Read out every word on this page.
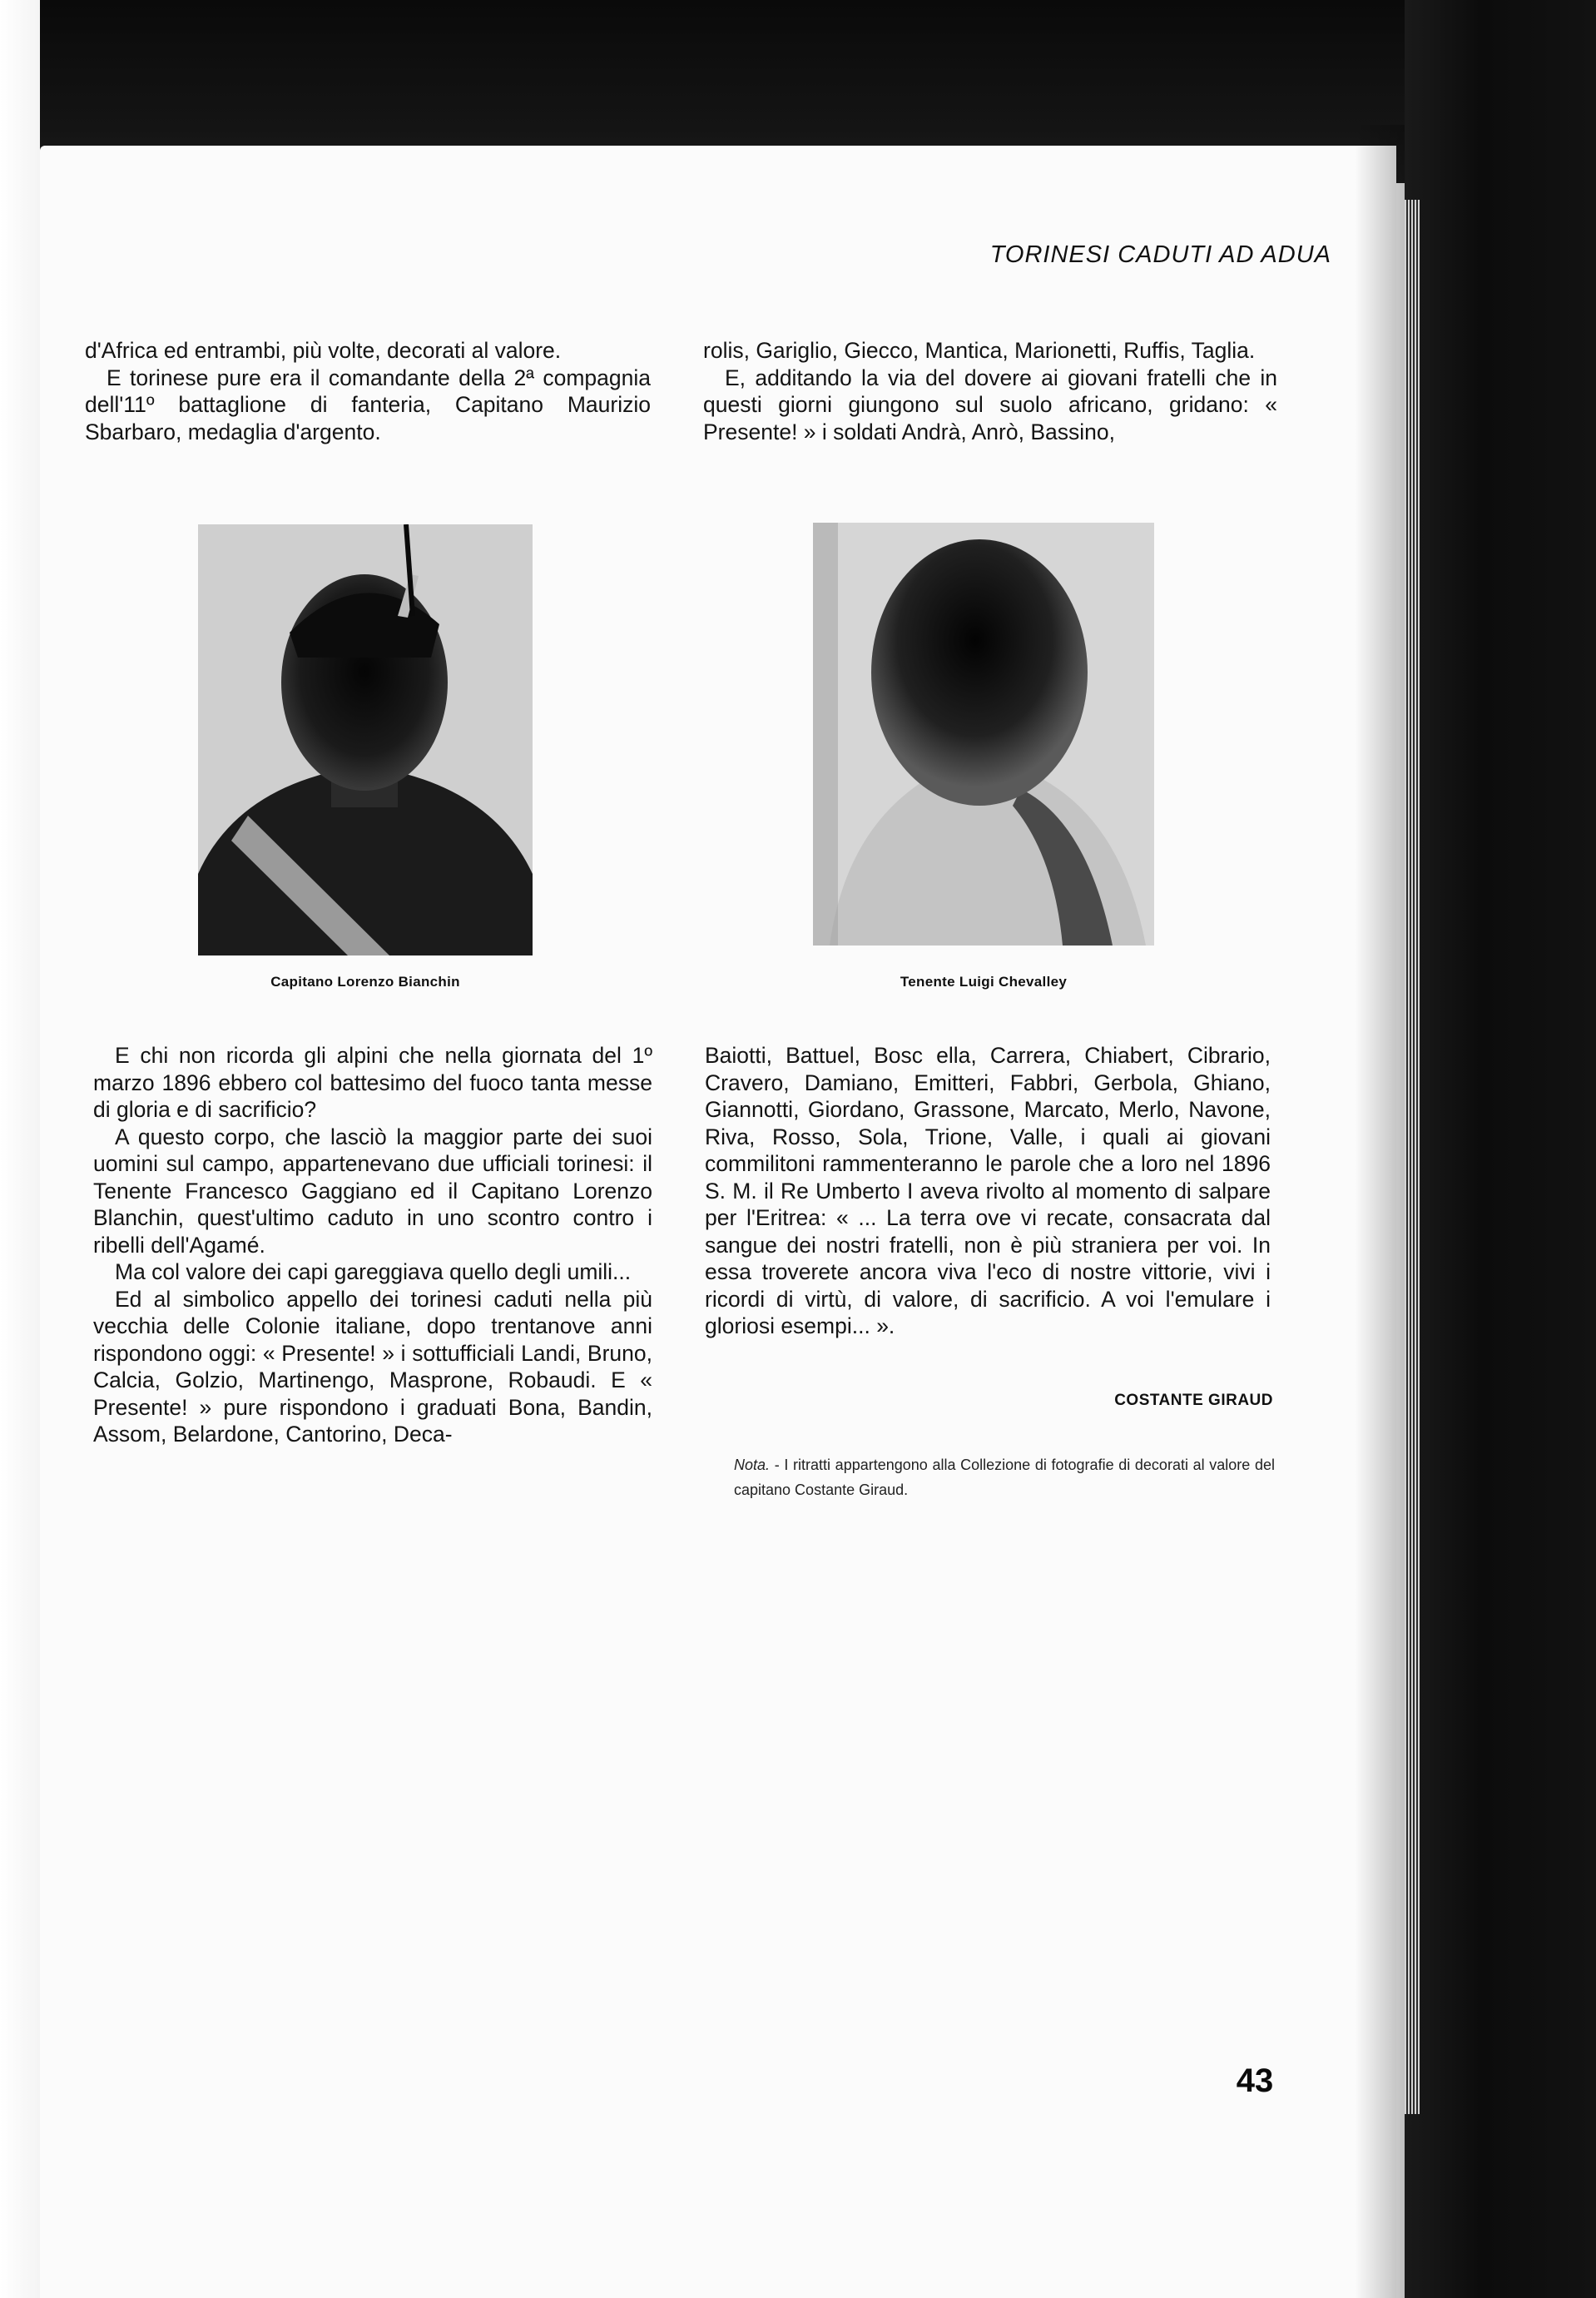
TORINESI CADUTI AD ADUA

d'Africa ed entrambi, più volte, decorati al valore.

E torinese pure era il comandante della 2ª compagnia dell'11º battaglione di fanteria, Capitano Maurizio Sbarbaro, medaglia d'argento.

rolis, Gariglio, Giecco, Mantica, Marionetti, Ruffis, Taglia.

E, additando la via del dovere ai giovani fratelli che in questi giorni giungono sul suolo africano, gridano: « Presente! » i soldati Andrà, Anrò, Bassino,

Capitano Lorenzo Bianchin	Tenente Luigi Chevalley

E chi non ricorda gli alpini che nella giornata del 1º marzo 1896 ebbero col battesimo del fuoco tanta messe di gloria e di sacrificio?

A questo corpo, che lasciò la maggior parte dei suoi uomini sul campo, appartenevano due ufficiali torinesi: il Tenente Francesco Gaggiano ed il Capitano Lorenzo Blanchin, quest'ultimo caduto in uno scontro contro i ribelli dell'Agamé.

Ma col valore dei capi gareggiava quello degli umili...

Ed al simbolico appello dei torinesi caduti nella più vecchia delle Colonie italiane, dopo trentanove anni rispondono oggi: « Presente! » i sottufficiali Landi, Bruno, Calcia, Golzio, Martinengo, Masprone, Robaudi. E « Presente! » pure rispondono i graduati Bona, Bandin, Assom, Belardone, Cantorino, Deca-

Baiotti, Battuel, Bosc ella, Carrera, Chiabert, Cibrario, Cravero, Damiano, Emitteri, Fabbri, Gerbola, Ghiano, Giannotti, Giordano, Grassone, Marcato, Merlo, Navone, Riva, Rosso, Sola, Trione, Valle, i quali ai giovani commilitoni rammenteranno le parole che a loro nel 1896 S. M. il Re Umberto I aveva rivolto al momento di salpare per l'Eritrea: « ... La terra ove vi recate, consacrata dal sangue dei nostri fratelli, non è più straniera per voi. In essa troverete ancora viva l'eco di nostre vittorie, vivi i ricordi di virtù, di valore, di sacrificio. A voi l'emulare i gloriosi esempi... ».

COSTANTE GIRAUD
Nota. - I ritratti appartengono alla Collezione di fotografie di decorati al valore del capitano Costante Giraud.
43
